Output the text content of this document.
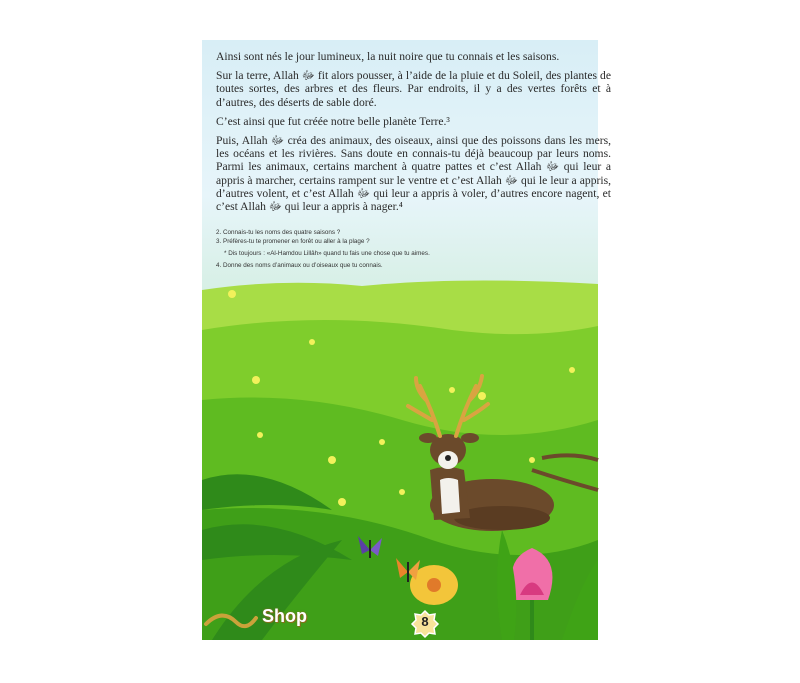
Ainsi sont nés le jour lumineux, la nuit noire que tu connais et les saisons.

Sur la terre, Allah ﷻ fit alors pousser, à l’aide de la pluie et du Soleil, des plantes de toutes sortes, des arbres et des fleurs. Par endroits, il y a des vertes forêts et à d’autres, des déserts de sable doré.

C’est ainsi que fut créée notre belle planète Terre.³

Puis, Allah ﷻ créa des animaux, des oiseaux, ainsi que des poissons dans les mers, les océans et les rivières. Sans doute en connais-tu déjà beaucoup par leurs noms. Parmi les animaux, certains marchent à quatre pattes et c’est Allah ﷻ qui leur a appris à marcher, certains rampent sur le ventre et c’est Allah ﷻ qui le leur a appris, d’autres volent, et c’est Allah ﷻ qui leur a appris à voler, d’autres encore nagent, et c’est Allah ﷻ qui leur a appris à nager.⁴

2. Connais-tu les noms des quatre saisons ?
3. Préfères-tu te promener en forêt ou aller à la plage ?
* Dis toujours : «Al-Hamdou Lillâh» quand tu fais une chose que tu aimes.
4. Donne des noms d’animaux ou d’oiseaux que tu connais.
Shop	8
